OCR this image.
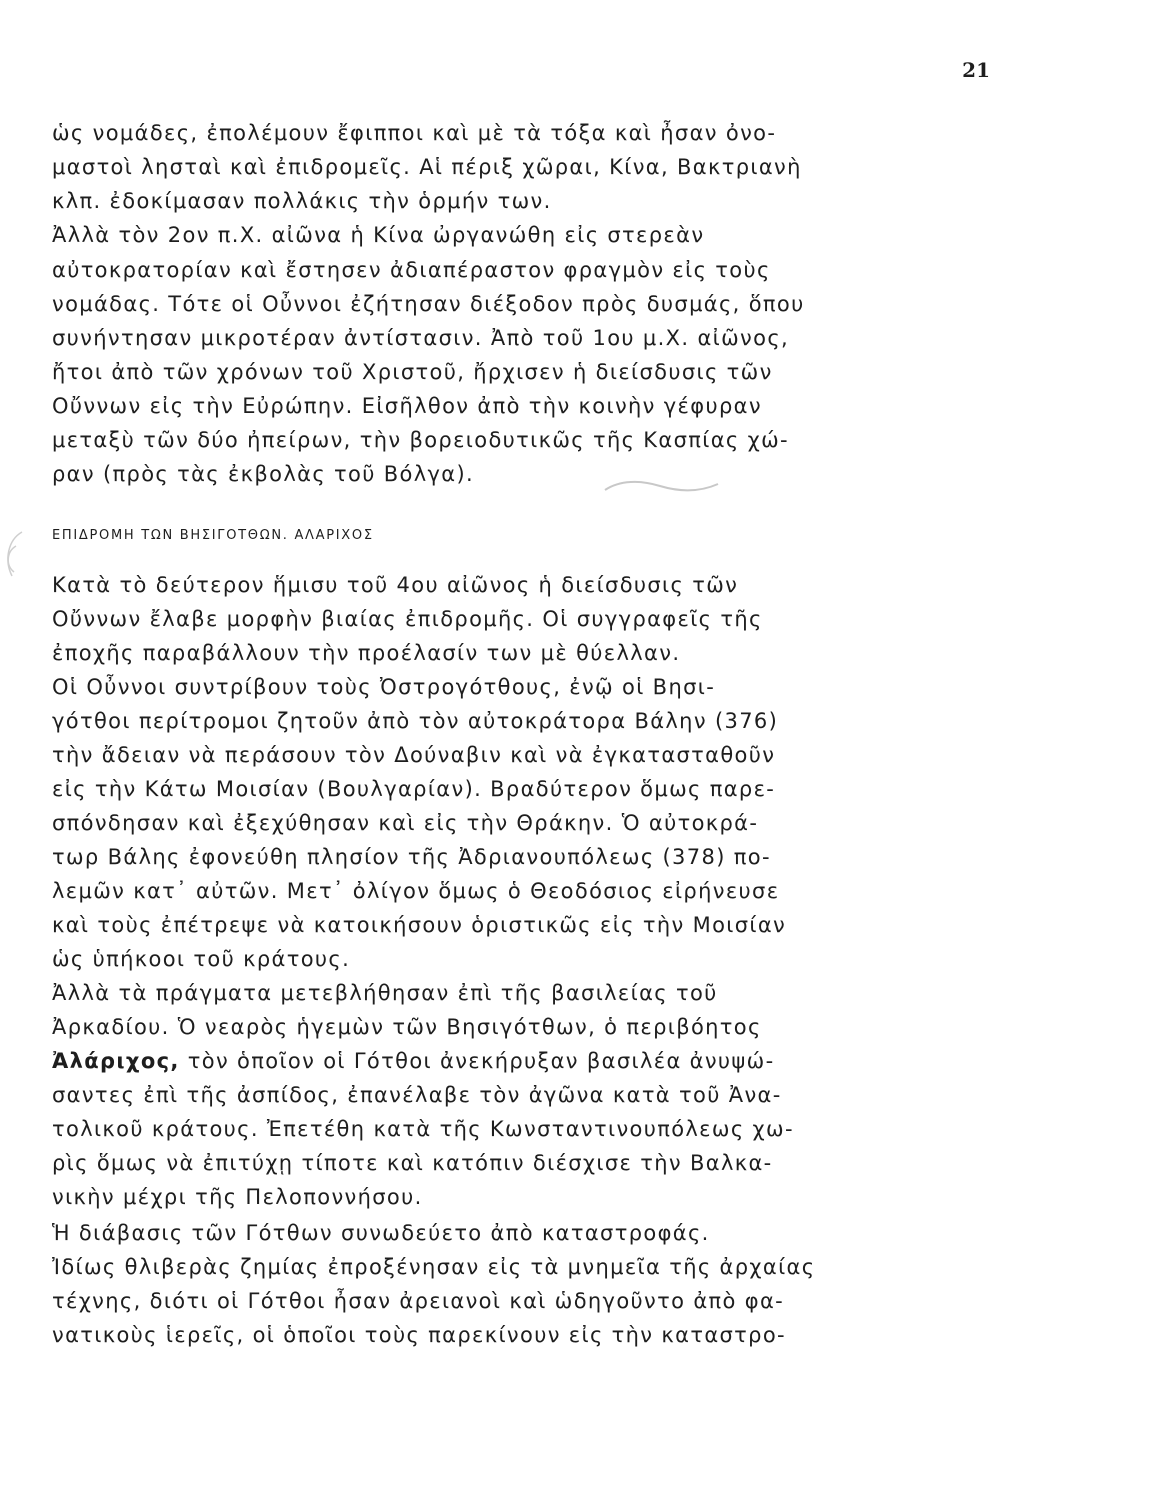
21
ὡς νομάδες, ἐπολέμουν ἔφιπποι καὶ μὲ τὰ τόξα καὶ ἦσαν ὀνο-
μαστοὶ λησταὶ καὶ ἐπιδρομεῖς. Αἱ πέριξ χῶραι, Κίνα, Βακτριανὴ
κλπ. ἐδοκίμασαν πολλάκις τὴν ὁρμήν των.
Ἀλλὰ τὸν 2ον π.Χ. αἰῶνα ἡ Κίνα ὠργανώθη εἰς στερεὰν
αὐτοκρατορίαν καὶ ἔστησεν ἀδιαπέραστον φραγμὸν εἰς τοὺς
νομάδας. Τότε οἱ Οὖννοι ἐζήτησαν διέξοδον πρὸς δυσμάς, ὅπου
συνήντησαν μικροτέραν ἀντίστασιν. Ἀπὸ τοῦ 1ου μ.Χ. αἰῶνος,
ἤτοι ἀπὸ τῶν χρόνων τοῦ Χριστοῦ, ἤρχισεν ἡ διείσδυσις τῶν
Οὔννων εἰς τὴν Εὐρώπην. Εἰσῆλθον ἀπὸ τὴν κοινὴν γέφυραν
μεταξὺ τῶν δύο ἠπείρων, τὴν βορειοδυτικῶς τῆς Κασπίας χώ-
ραν (πρὸς τὰς ἐκβολὰς τοῦ Βόλγα).
ΕΠΙΔΡΟΜΗ ΤΩΝ ΒΗΣΙΓΟΤΘΩΝ. ΑΛΑΡΙΧΟΣ
Κατὰ τὸ δεύτερον ἥμισυ τοῦ 4ου αἰῶνος ἡ διείσδυσις τῶν
Οὔννων ἔλαβε μορφὴν βιαίας ἐπιδρομῆς. Οἱ συγγραφεῖς τῆς
ἐποχῆς παραβάλλουν τὴν προέλασίν των μὲ θύελλαν.
Οἱ Οὖννοι συντρίβουν τοὺς Ὀστρογότθους, ἐνῷ οἱ Βησι-
γότθοι περίτρομοι ζητοῦν ἀπὸ τὸν αὐτοκράτορα Βάλην (376)
τὴν ἄδειαν νὰ περάσουν τὸν Δούναβιν καὶ νὰ ἐγκατασταθοῦν
εἰς τὴν Κάτω Μοισίαν (Βουλγαρίαν). Βραδύτερον ὅμως παρε-
σπόνδησαν καὶ ἐξεχύθησαν καὶ εἰς τὴν Θράκην. Ὁ αὐτοκρά-
τωρ Βάλης ἐφονεύθη πλησίον τῆς Ἀδριανουπόλεως (378) πο-
λεμῶν κατ᾽ αὐτῶν. Μετ᾽ ὀλίγον ὅμως ὁ Θεοδόσιος εἰρήνευσε
καὶ τοὺς ἐπέτρεψε νὰ κατοικήσουν ὁριστικῶς εἰς τὴν Μοισίαν
ὡς ὑπήκοοι τοῦ κράτους.
Ἀλλὰ τὰ πράγματα μετεβλήθησαν ἐπὶ τῆς βασιλείας τοῦ
Ἀρκαδίου. Ὁ νεαρὸς ἡγεμὼν τῶν Βησιγότθων, ὁ περιβόητος
Ἀλάριχος, τὸν ὁποῖον οἱ Γότθοι ἀνεκήρυξαν βασιλέα ἀνυψώ-
σαντες ἐπὶ τῆς ἀσπίδος, ἐπανέλαβε τὸν ἀγῶνα κατὰ τοῦ Ἀνα-
τολικοῦ κράτους. Ἐπετέθη κατὰ τῆς Κωνσταντινουπόλεως χω-
ρὶς ὅμως νὰ ἐπιτύχῃ τίποτε καὶ κατόπιν διέσχισε τὴν Βαλκα-
νικὴν μέχρι τῆς Πελοποννήσου.
Ἡ διάβασις τῶν Γότθων συνωδεύετο ἀπὸ καταστροφάς.
Ἰδίως θλιβερὰς ζημίας ἐπροξένησαν εἰς τὰ μνημεῖα τῆς ἀρχαίας
τέχνης, διότι οἱ Γότθοι ἦσαν ἀρειανοὶ καὶ ὡδηγοῦντο ἀπὸ φα-
νατικοὺς ἱερεῖς, οἱ ὁποῖοι τοὺς παρεκίνουν εἰς τὴν καταστρο-
